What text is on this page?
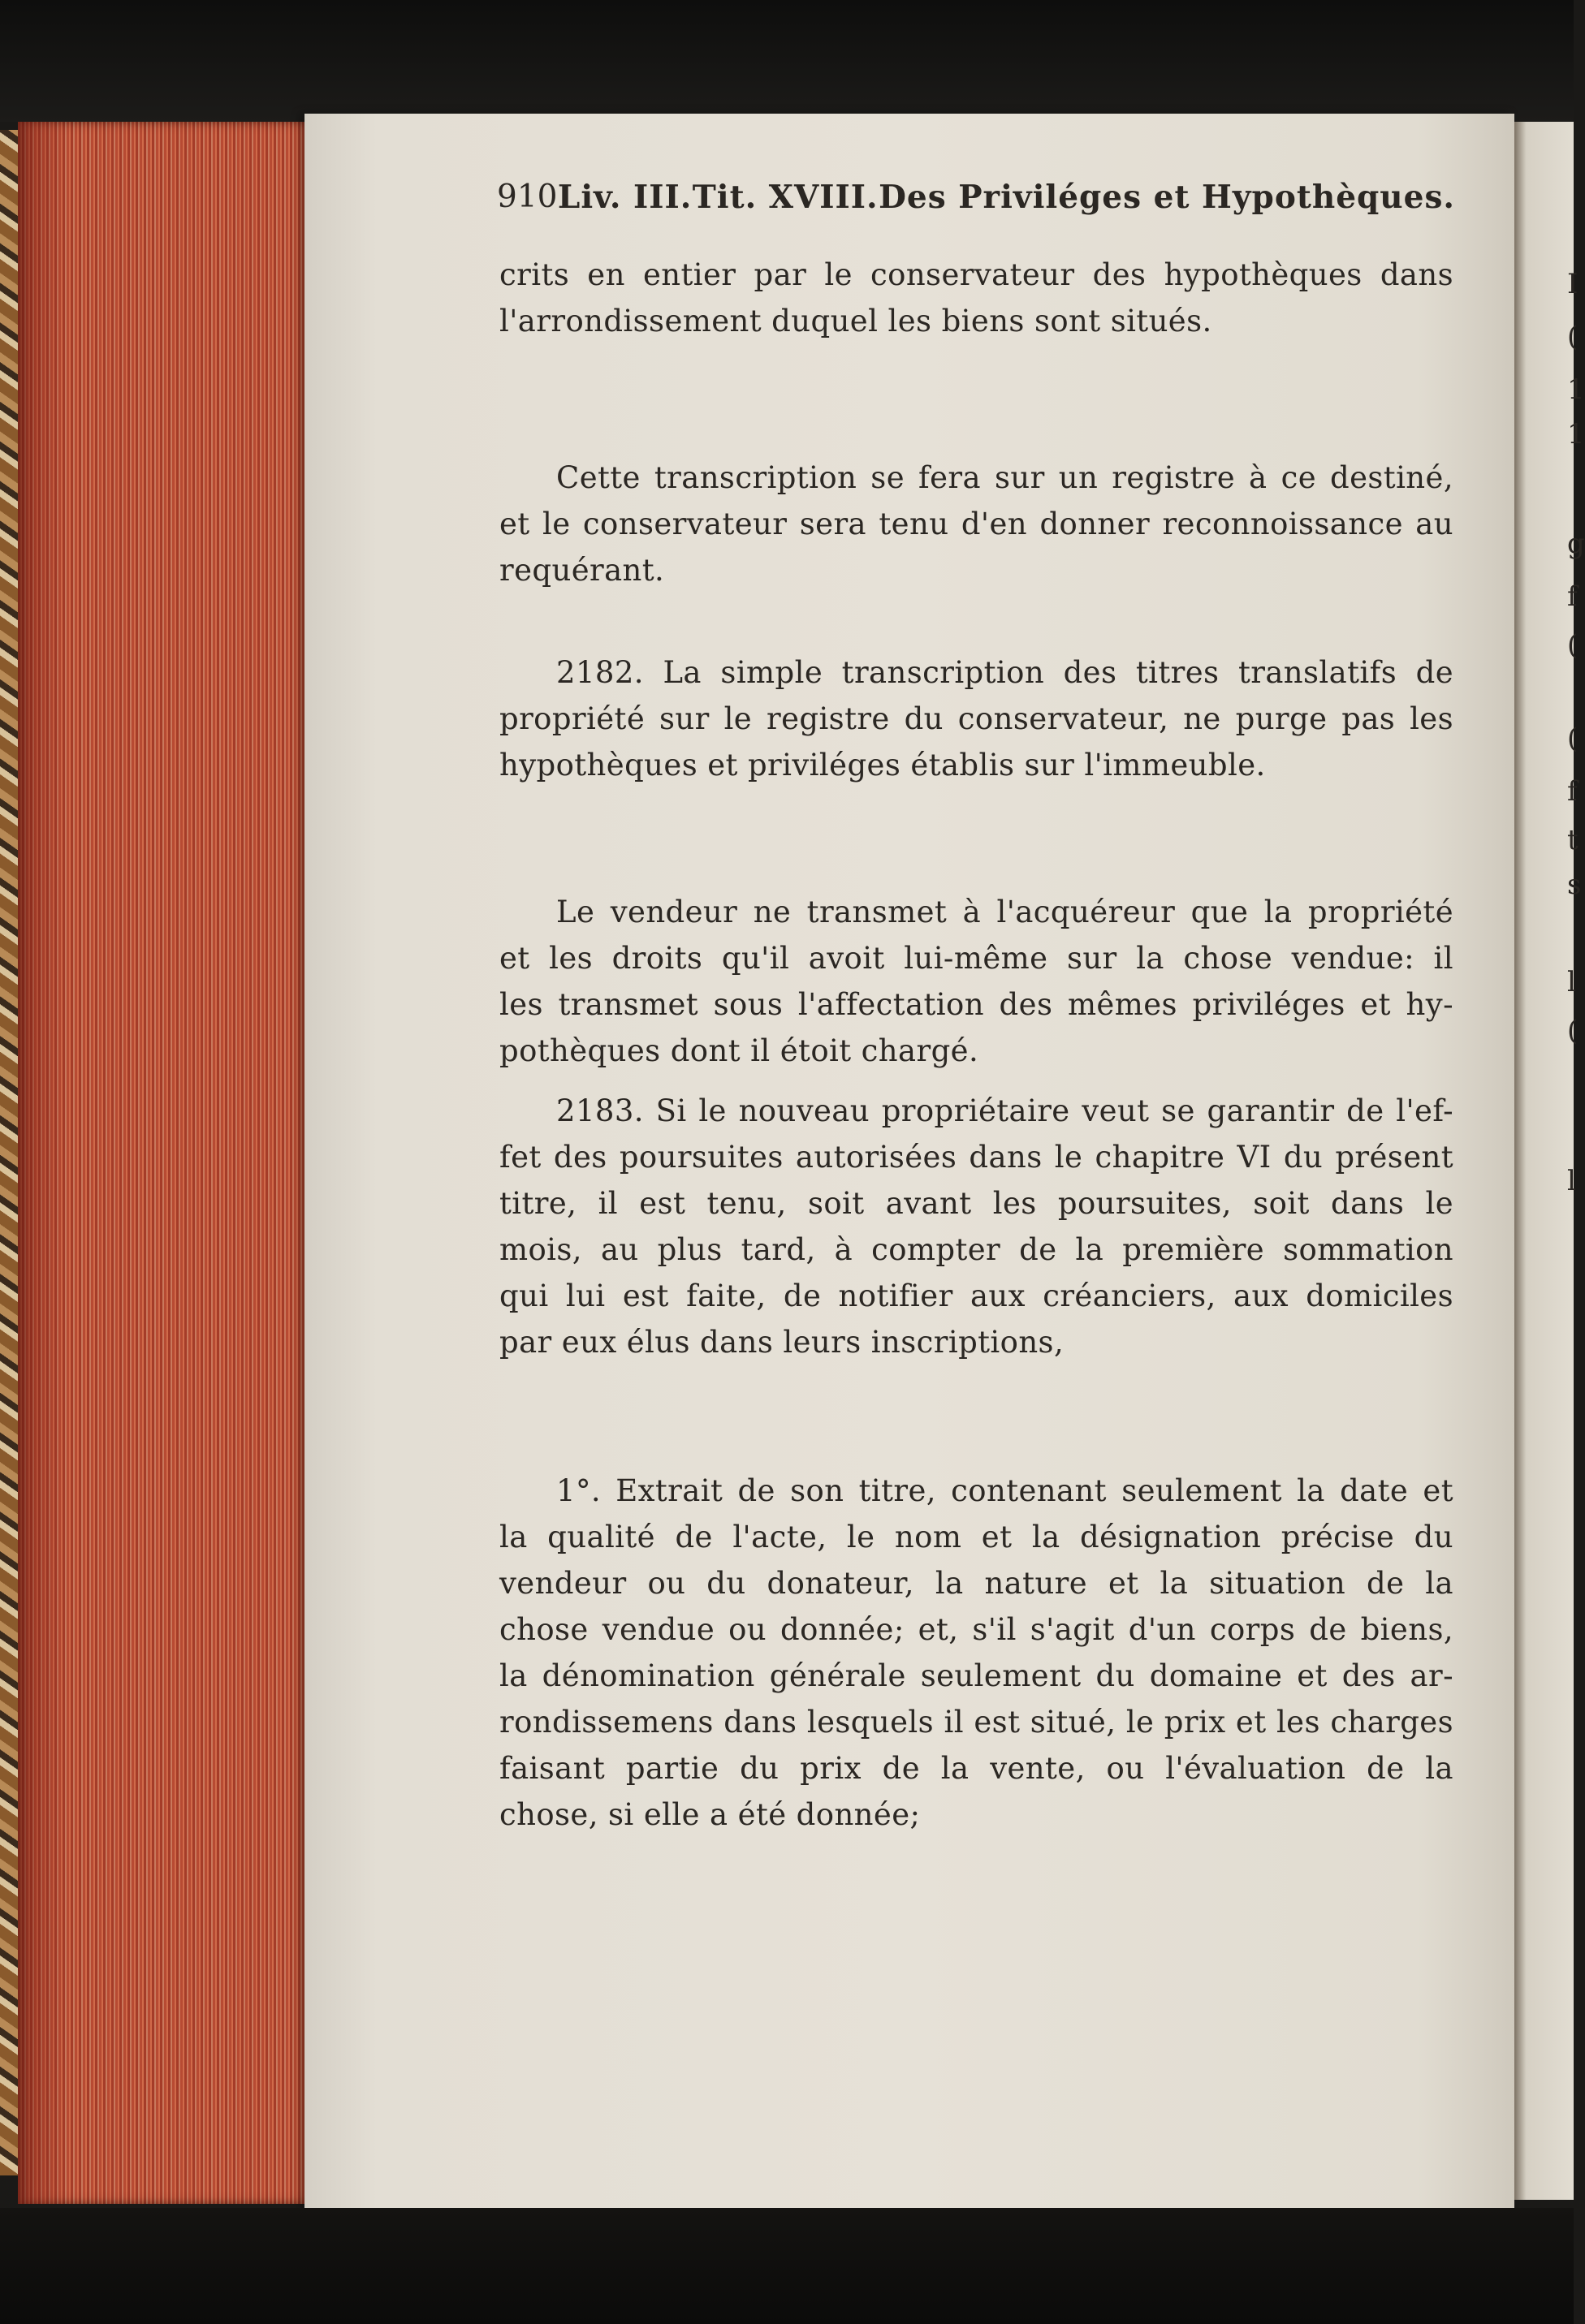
I
(
1
1
g
f
(
(
f
t
s
l
(
l
910 Liv. III. Tit. XVIII. Des Priviléges et Hypothèques.
crits en entier par le conservateur des hypothèques dans
l'arrondissement duquel les biens sont situés.
Cette transcription se fera sur un registre à ce destiné,
et le conservateur sera tenu d'en donner reconnoissance au
requérant.
2182. La simple transcription des titres translatifs de
propriété sur le registre du conservateur, ne purge pas les
hypothèques et priviléges établis sur l'immeuble.
Le vendeur ne transmet à l'acquéreur que la propriété
et les droits qu'il avoit lui-même sur la chose vendue: il
les transmet sous l'affectation des mêmes priviléges et hy-
pothèques dont il étoit chargé.
2183. Si le nouveau propriétaire veut se garantir de l'ef-
fet des poursuites autorisées dans le chapitre VI du présent
titre, il est tenu, soit avant les poursuites, soit dans le
mois, au plus tard, à compter de la première sommation
qui lui est faite, de notifier aux créanciers, aux domiciles
par eux élus dans leurs inscriptions,
1°. Extrait de son titre, contenant seulement la date et
la qualité de l'acte, le nom et la désignation précise du
vendeur ou du donateur, la nature et la situation de la
chose vendue ou donnée; et, s'il s'agit d'un corps de biens,
la dénomination générale seulement du domaine et des ar-
rondissemens dans lesquels il est situé, le prix et les charges
faisant partie du prix de la vente, ou l'évaluation de la
chose, si elle a été donnée;
